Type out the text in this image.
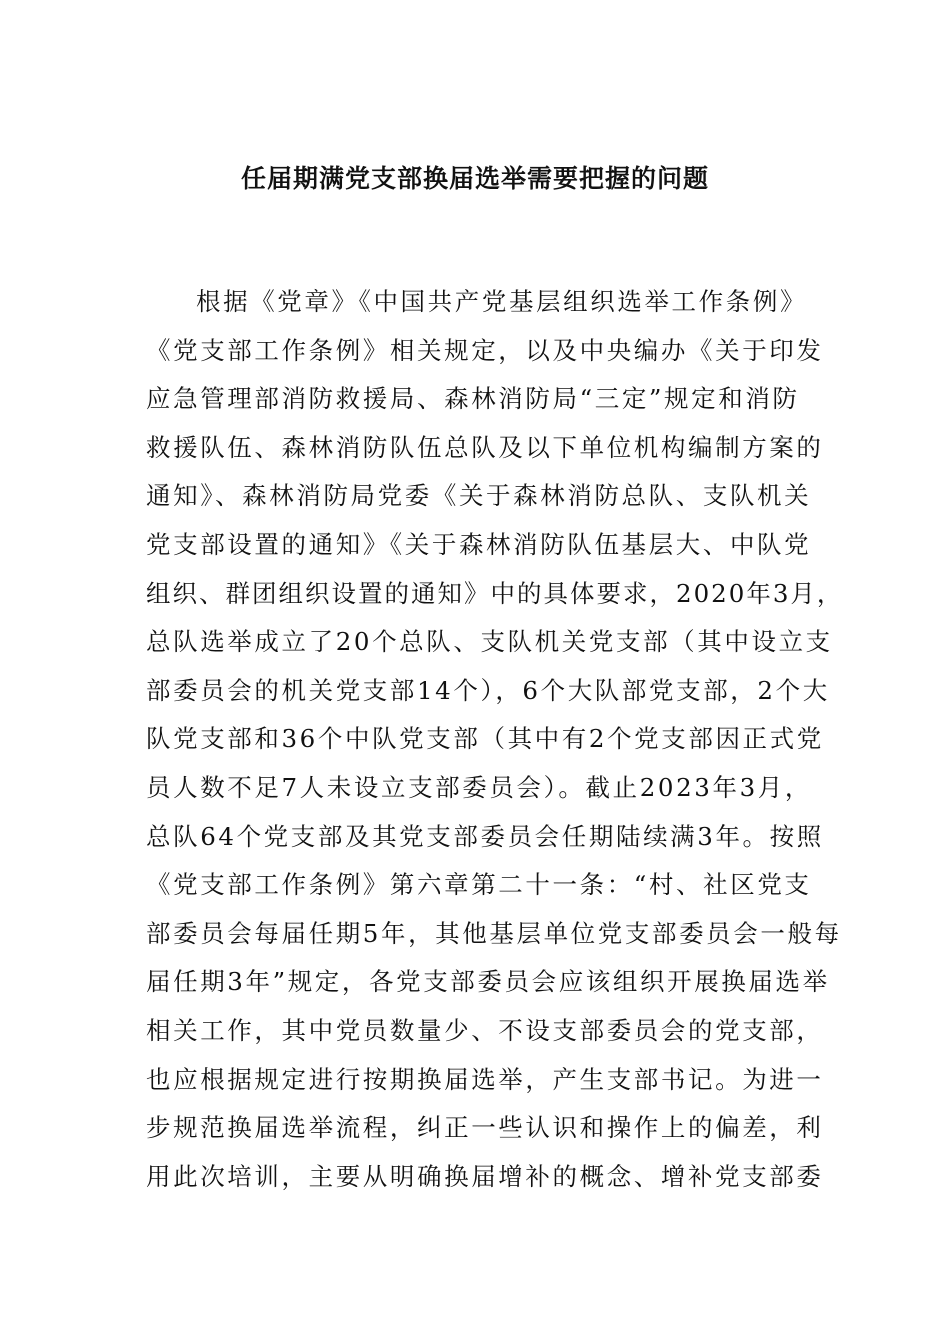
任届期满党支部换届选举需要把握的问题
根据《党章》《中国共产党基层组织选举工作条例》
《党支部工作条例》相关规定，以及中央编办《关于印发
应急管理部消防救援局、森林消防局“三定”规定和消防
救援队伍、森林消防队伍总队及以下单位机构编制方案的
通知》、森林消防局党委《关于森林消防总队、支队机关
党支部设置的通知》《关于森林消防队伍基层大、中队党
组织、群团组织设置的通知》中的具体要求，2020年3月，
总队选举成立了20个总队、支队机关党支部（其中设立支
部委员会的机关党支部14个），6个大队部党支部，2个大
队党支部和36个中队党支部（其中有2个党支部因正式党
员人数不足7人未设立支部委员会）。截止2023年3月，
总队64个党支部及其党支部委员会任期陆续满3年。按照
《党支部工作条例》第六章第二十一条：“村、社区党支
部委员会每届任期5年，其他基层单位党支部委员会一般每
届任期3年”规定，各党支部委员会应该组织开展换届选举
相关工作，其中党员数量少、不设支部委员会的党支部，
也应根据规定进行按期换届选举，产生支部书记。为进一
步规范换届选举流程，纠正一些认识和操作上的偏差，利
用此次培训，主要从明确换届增补的概念、增补党支部委
